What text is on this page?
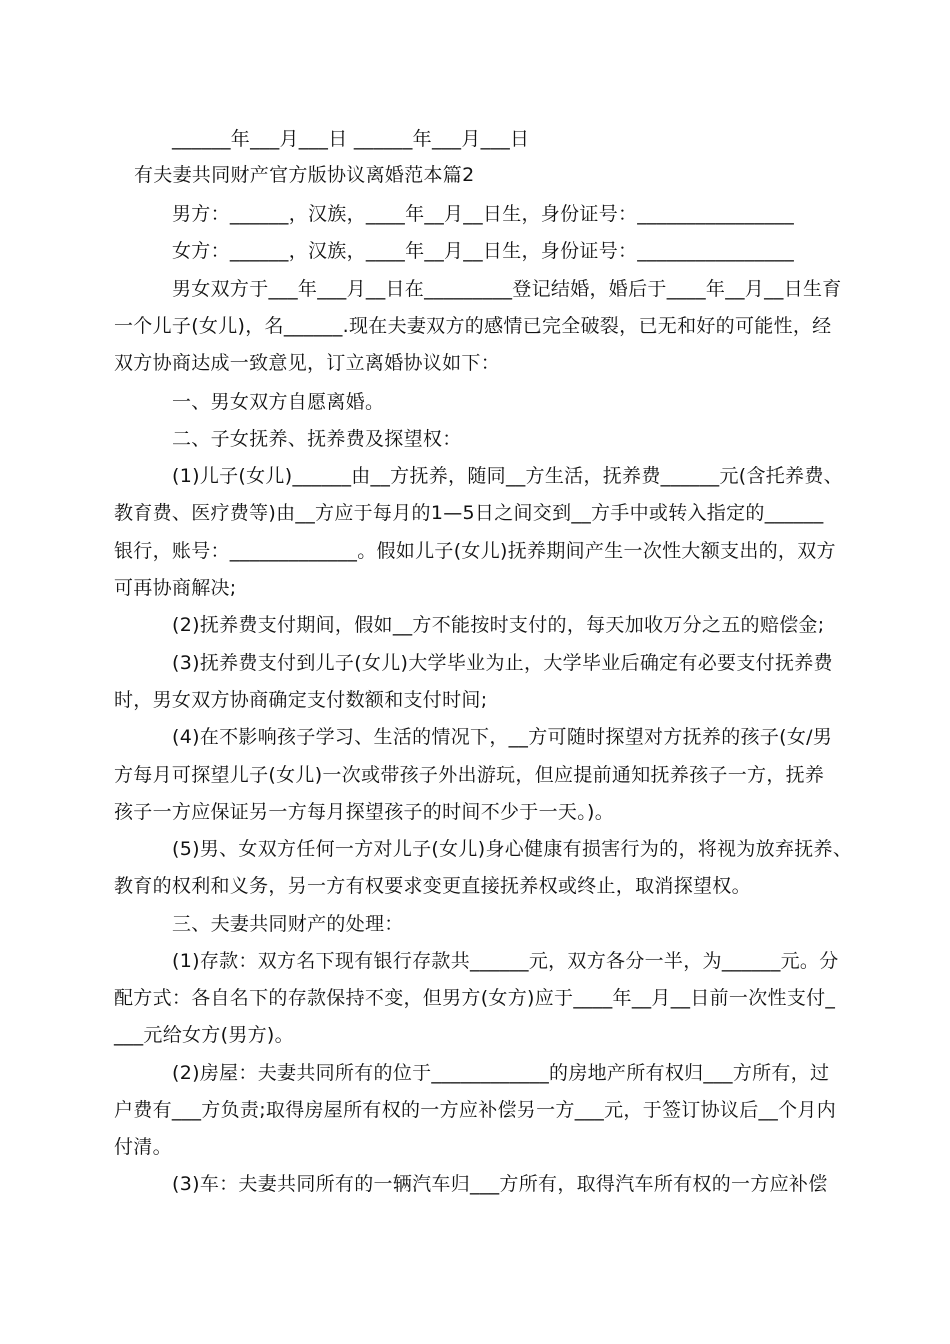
______年___月___日 ______年___月___日
有夫妻共同财产官方版协议离婚范本篇2
男方：______，汉族，____年__月__日生，身份证号：________________
女方：______，汉族，____年__月__日生，身份证号：________________
男女双方于___年___月__日在_________登记结婚，婚后于____年__月__日生育
一个儿子(女儿)，名______.现在夫妻双方的感情已完全破裂，已无和好的可能性，经
双方协商达成一致意见，订立离婚协议如下：
一、男女双方自愿离婚。
二、子女抚养、抚养费及探望权：
(1)儿子(女儿)______由__方抚养，随同__方生活，抚养费______元(含托养费、
教育费、医疗费等)由__方应于每月的1—5日之间交到__方手中或转入指定的______
银行，账号：_____________。假如儿子(女儿)抚养期间产生一次性大额支出的，双方
可再协商解决;
(2)抚养费支付期间，假如__方不能按时支付的，每天加收万分之五的赔偿金;
(3)抚养费支付到儿子(女儿)大学毕业为止，大学毕业后确定有必要支付抚养费
时，男女双方协商确定支付数额和支付时间;
(4)在不影响孩子学习、生活的情况下，__方可随时探望对方抚养的孩子(女/男
方每月可探望儿子(女儿)一次或带孩子外出游玩，但应提前通知抚养孩子一方，抚养
孩子一方应保证另一方每月探望孩子的时间不少于一天。)。
(5)男、女双方任何一方对儿子(女儿)身心健康有损害行为的，将视为放弃抚养、
教育的权利和义务，另一方有权要求变更直接抚养权或终止，取消探望权。
三、夫妻共同财产的处理：
(1)存款：双方名下现有银行存款共______元，双方各分一半，为______元。分
配方式：各自名下的存款保持不变，但男方(女方)应于____年__月__日前一次性支付_
___元给女方(男方)。
(2)房屋：夫妻共同所有的位于____________的房地产所有权归___方所有，过
户费有___方负责;取得房屋所有权的一方应补偿另一方___元，于签订协议后__个月内
付清。
(3)车：夫妻共同所有的一辆汽车归___方所有，取得汽车所有权的一方应补偿
